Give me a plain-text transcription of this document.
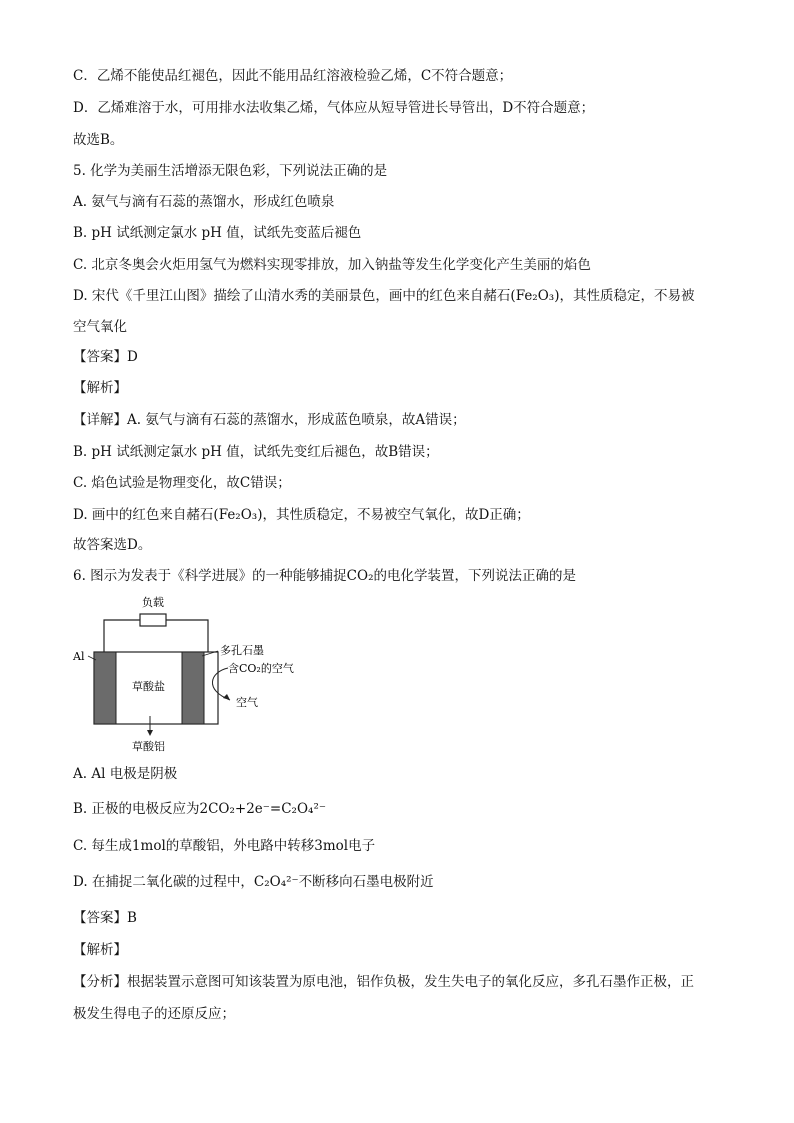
C．乙烯不能使品红褪色，因此不能用品红溶液检验乙烯，C不符合题意；
D．乙烯难溶于水，可用排水法收集乙烯，气体应从短导管进长导管出，D不符合题意；
故选B。
5. 化学为美丽生活增添无限色彩，下列说法正确的是
A. 氨气与滴有石蕊的蒸馏水，形成红色喷泉
B. pH 试纸测定氯水 pH 值，试纸先变蓝后褪色
C. 北京冬奥会火炬用氢气为燃料实现零排放，加入钠盐等发生化学变化产生美丽的焰色
D. 宋代《千里江山图》描绘了山清水秀的美丽景色，画中的红色来自赭石(Fe₂O₃)，其性质稳定，不易被
空气氧化
【答案】D
【解析】
【详解】A. 氨气与滴有石蕊的蒸馏水，形成蓝色喷泉，故A错误；
B. pH 试纸测定氯水 pH 值，试纸先变红后褪色，故B错误；
C. 焰色试验是物理变化，故C错误；
D. 画中的红色来自赭石(Fe₂O₃)，其性质稳定，不易被空气氧化，故D正确；
故答案选D。
6. 图示为发表于《科学进展》的一种能够捕捉CO₂的电化学装置，下列说法正确的是
负载
Al
草酸盐
多孔石墨
含CO₂的空气
空气
草酸铝
A. Al 电极是阴极
B. 正极的电极反应为2CO₂+2e⁻=C₂O₄²⁻
C. 每生成1mol的草酸铝，外电路中转移3mol电子
D. 在捕捉二氧化碳的过程中，C₂O₄²⁻不断移向石墨电极附近
【答案】B
【解析】
【分析】根据装置示意图可知该装置为原电池，铝作负极，发生失电子的氧化反应，多孔石墨作正极，正
极发生得电子的还原反应；
